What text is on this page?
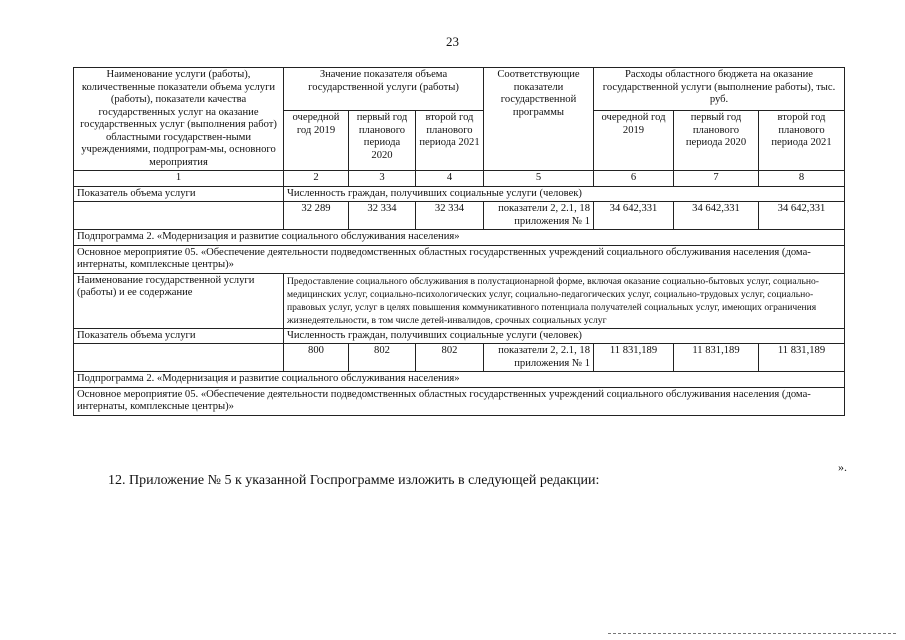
23
Наименование услуги (работы), количественные показатели объема услуги (работы), показатели качества государственных услуг на оказание государственных услуг (выполнения работ) областными государствен-ными учреждениями, подпрограм-мы, основного мероприятия	Значение показателя объема государственной услуги (работы)			Соответствующие показатели государственной программы	Расходы областного бюджета на оказание государственной услуги (выполнение работы), тыс. руб.		
	очередной год 2019	первый год планового периода 2020	второй год планового периода 2021		очередной год 2019	первый год планового периода 2020	второй год планового периода 2021
1	2	3	4	5	6	7	8
Показатель объема услуги	Численность граждан, получивших социальные услуги (человек)						
	32 289	32 334	32 334	показатели 2, 2.1, 18 приложения № 1	34 642,331	34 642,331	34 642,331
Подпрограмма 2. «Модернизация и развитие социального обслуживания населения»							
Основное мероприятие 05. «Обеспечение деятельности подведомственных областных государственных учреждений социального обслуживания населения (дома-интернаты, комплексные центры)»							
Наименование государственной услуги (работы) и ее содержание	Предоставление социального обслуживания в полустационарной форме, включая оказание социально-бытовых услуг, социально-медицинских услуг, социально-психологических услуг, социально-педагогических услуг, социально-трудовых услуг, социально-правовых услуг, услуг в целях повышения коммуникативного потенциала получателей социальных услуг, имеющих ограничения жизнедеятельности, в том числе детей-инвалидов, срочных социальных услуг						
Показатель объема услуги	Численность граждан, получивших социальные услуги (человек)						
	800	802	802	показатели 2, 2.1, 18 приложения № 1	11 831,189	11 831,189	11 831,189
Подпрограмма 2. «Модернизация и развитие социального обслуживания населения»							
Основное мероприятие 05. «Обеспечение деятельности подведомственных областных государственных учреждений социального обслуживания населения (дома-интернаты, комплексные центры)»							
».
12. Приложение № 5 к указанной Госпрограмме изложить в следующей редакции:
